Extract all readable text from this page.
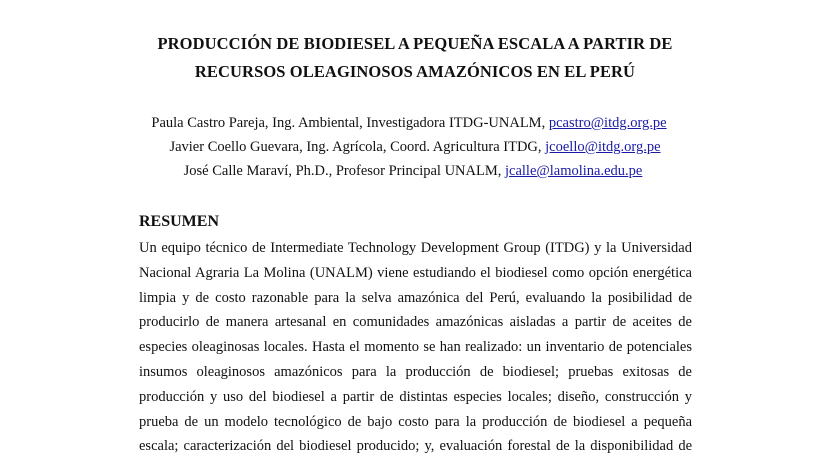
PRODUCCIÓN DE BIODIESEL A PEQUEÑA ESCALA A PARTIR DE
RECURSOS OLEAGINOSOS AMAZÓNICOS EN EL PERÚ
Paula Castro Pareja, Ing. Ambiental, Investigadora ITDG-UNALM, pcastro@itdg.org.pe
Javier Coello Guevara, Ing. Agrícola, Coord. Agricultura ITDG, jcoello@itdg.org.pe
José Calle Maraví, Ph.D., Profesor Principal UNALM, jcalle@lamolina.edu.pe
RESUMEN
Un equipo técnico de Intermediate Technology Development Group (ITDG) y la Universidad
Nacional Agraria La Molina (UNALM) viene estudiando el biodiesel como opción energética
limpia y de costo razonable para la selva amazónica del Perú, evaluando la posibilidad de
producirlo de manera artesanal en comunidades amazónicas aisladas a partir de aceites de
especies oleaginosas locales. Hasta el momento se han realizado: un inventario de potenciales
insumos oleaginosos amazónicos para la producción de biodiesel; pruebas exitosas de
producción y uso del biodiesel a partir de distintas especies locales; diseño, construcción y
prueba de un modelo tecnológico de bajo costo para la producción de biodiesel a pequeña
escala; caracterización del biodiesel producido; y, evaluación forestal de la disponibilidad de
